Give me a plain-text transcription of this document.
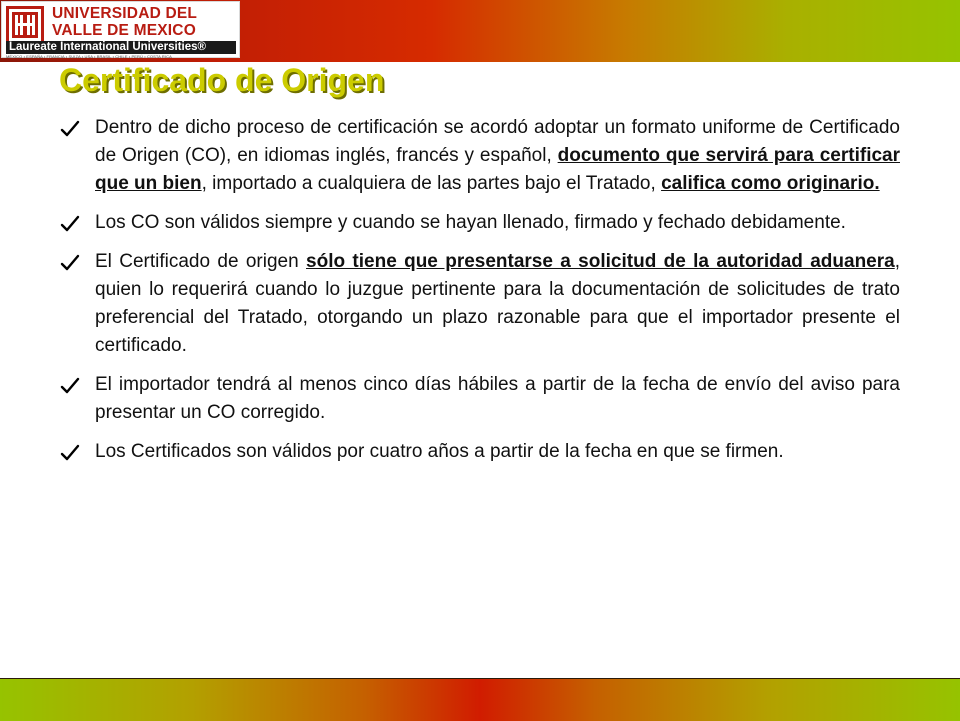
UNIVERSIDAD DEL
VALLE DE MEXICO
Laureate International Universities®
MÉXICO • ESPAÑA • FRANCIA • SUIZA • USA • BRASIL • CHILE • PERÚ • COSTA RICA
Certificado de Origen
Dentro de dicho proceso de certificación se acordó adoptar un formato uniforme de Certificado de Origen (CO), en idiomas inglés, francés y español, documento que servirá para certificar que un bien, importado a cualquiera de las partes bajo el Tratado, califica como originario.
Los CO son válidos siempre y cuando se hayan llenado, firmado y fechado debidamente.
El Certificado de origen sólo tiene que presentarse a solicitud de la autoridad aduanera, quien lo requerirá cuando lo juzgue pertinente para la documentación de solicitudes de trato preferencial del Tratado, otorgando un plazo razonable para que el importador presente el certificado.
El importador tendrá al menos cinco días hábiles a partir de la fecha de envío del aviso para presentar un CO corregido.
Los Certificados son válidos por cuatro años a partir de la fecha en que se firmen.
